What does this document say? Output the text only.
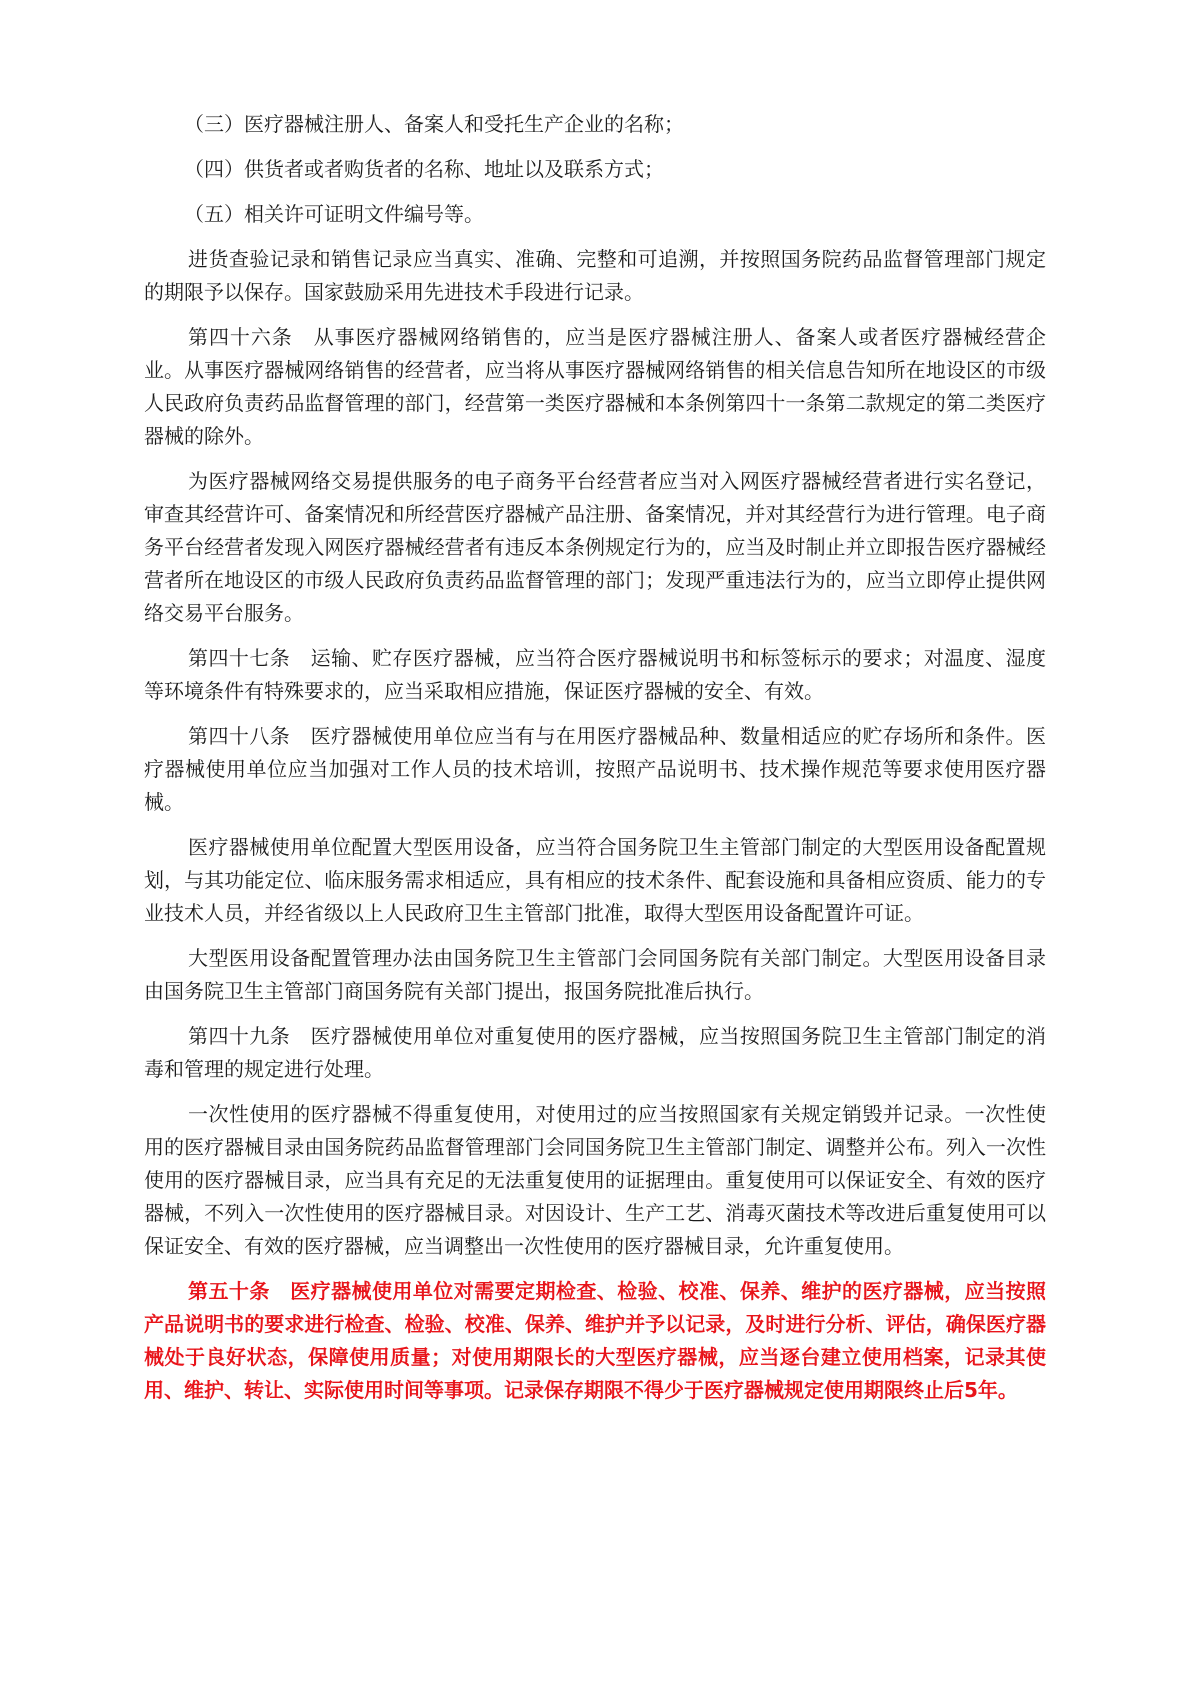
（三）医疗器械注册人、备案人和受托生产企业的名称；

（四）供货者或者购货者的名称、地址以及联系方式；

（五）相关许可证明文件编号等。

进货查验记录和销售记录应当真实、准确、完整和可追溯，并按照国务院药品监督管理部门规定的期限予以保存。国家鼓励采用先进技术手段进行记录。

第四十六条　从事医疗器械网络销售的，应当是医疗器械注册人、备案人或者医疗器械经营企业。从事医疗器械网络销售的经营者，应当将从事医疗器械网络销售的相关信息告知所在地设区的市级人民政府负责药品监督管理的部门，经营第一类医疗器械和本条例第四十一条第二款规定的第二类医疗器械的除外。

为医疗器械网络交易提供服务的电子商务平台经营者应当对入网医疗器械经营者进行实名登记，审查其经营许可、备案情况和所经营医疗器械产品注册、备案情况，并对其经营行为进行管理。电子商务平台经营者发现入网医疗器械经营者有违反本条例规定行为的，应当及时制止并立即报告医疗器械经营者所在地设区的市级人民政府负责药品监督管理的部门；发现严重违法行为的，应当立即停止提供网络交易平台服务。

第四十七条　运输、贮存医疗器械，应当符合医疗器械说明书和标签标示的要求；对温度、湿度等环境条件有特殊要求的，应当采取相应措施，保证医疗器械的安全、有效。

第四十八条　医疗器械使用单位应当有与在用医疗器械品种、数量相适应的贮存场所和条件。医疗器械使用单位应当加强对工作人员的技术培训，按照产品说明书、技术操作规范等要求使用医疗器械。

医疗器械使用单位配置大型医用设备，应当符合国务院卫生主管部门制定的大型医用设备配置规划，与其功能定位、临床服务需求相适应，具有相应的技术条件、配套设施和具备相应资质、能力的专业技术人员，并经省级以上人民政府卫生主管部门批准，取得大型医用设备配置许可证。

大型医用设备配置管理办法由国务院卫生主管部门会同国务院有关部门制定。大型医用设备目录由国务院卫生主管部门商国务院有关部门提出，报国务院批准后执行。

第四十九条　医疗器械使用单位对重复使用的医疗器械，应当按照国务院卫生主管部门制定的消毒和管理的规定进行处理。

一次性使用的医疗器械不得重复使用，对使用过的应当按照国家有关规定销毁并记录。一次性使用的医疗器械目录由国务院药品监督管理部门会同国务院卫生主管部门制定、调整并公布。列入一次性使用的医疗器械目录，应当具有充足的无法重复使用的证据理由。重复使用可以保证安全、有效的医疗器械，不列入一次性使用的医疗器械目录。对因设计、生产工艺、消毒灭菌技术等改进后重复使用可以保证安全、有效的医疗器械，应当调整出一次性使用的医疗器械目录，允许重复使用。

第五十条　医疗器械使用单位对需要定期检查、检验、校准、保养、维护的医疗器械，应当按照产品说明书的要求进行检查、检验、校准、保养、维护并予以记录，及时进行分析、评估，确保医疗器械处于良好状态，保障使用质量；对使用期限长的大型医疗器械，应当逐台建立使用档案，记录其使用、维护、转让、实际使用时间等事项。记录保存期限不得少于医疗器械规定使用期限终止后5年。
